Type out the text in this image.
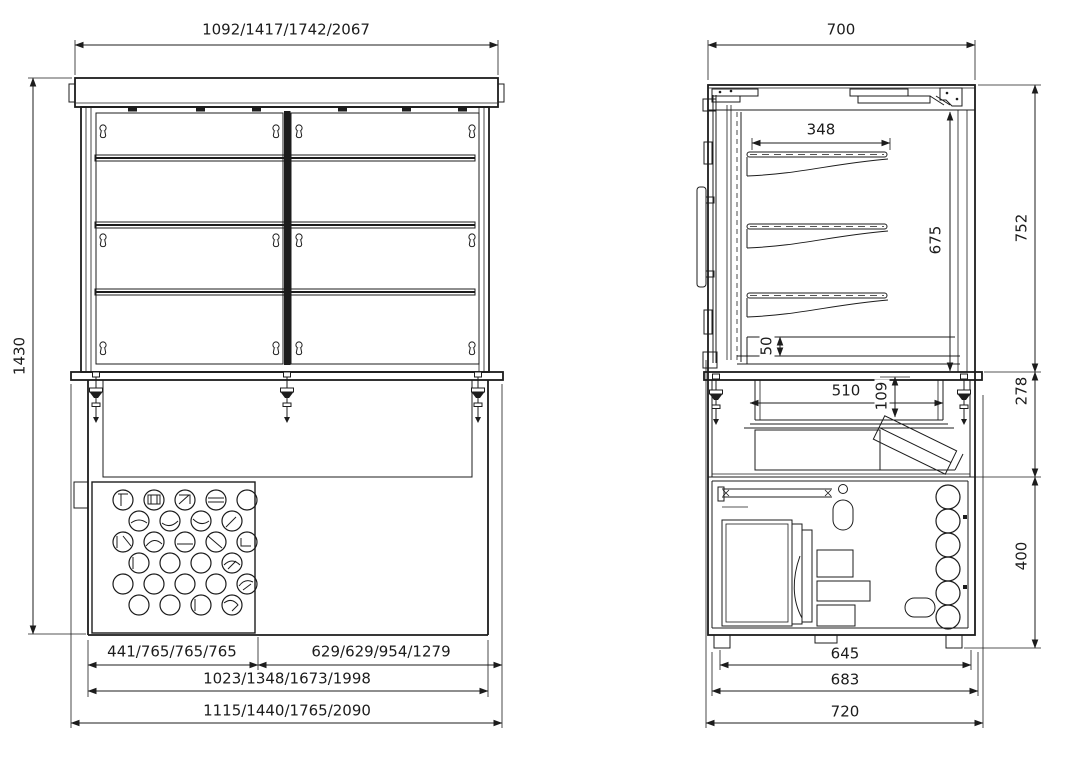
1092/1417/1742/2067
1430
441/765/765/765	629/629/954/1279
1023/1348/1673/1998
1115/1440/1765/2090
700
348
675
50
510 109
752
278
400
645
683
720
